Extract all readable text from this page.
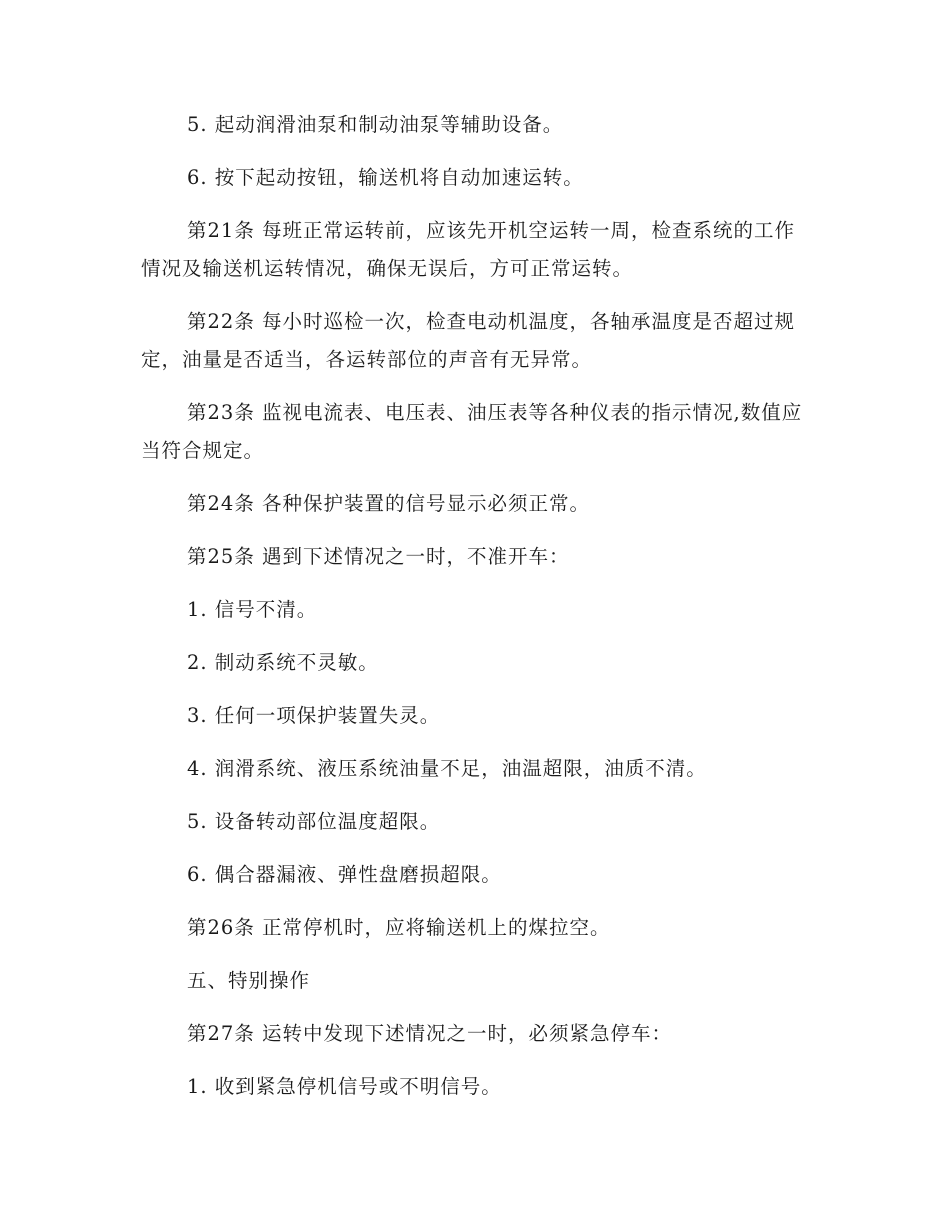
5. 起动润滑油泵和制动油泵等辅助设备。

6. 按下起动按钮，输送机将自动加速运转。

第21条 每班正常运转前，应该先开机空运转一周，检查系统的工作情况及输送机运转情况，确保无误后，方可正常运转。

第22条 每小时巡检一次，检查电动机温度，各轴承温度是否超过规定，油量是否适当，各运转部位的声音有无异常。

第23条 监视电流表、电压表、油压表等各种仪表的指示情况,数值应当符合规定。

第24条 各种保护装置的信号显示必须正常。

第25条 遇到下述情况之一时，不准开车：

1. 信号不清。

2. 制动系统不灵敏。

3. 任何一项保护装置失灵。

4. 润滑系统、液压系统油量不足，油温超限，油质不清。

5. 设备转动部位温度超限。

6. 偶合器漏液、弹性盘磨损超限。

第26条 正常停机时，应将输送机上的煤拉空。

五、特别操作

第27条 运转中发现下述情况之一时，必须紧急停车：

1. 收到紧急停机信号或不明信号。
